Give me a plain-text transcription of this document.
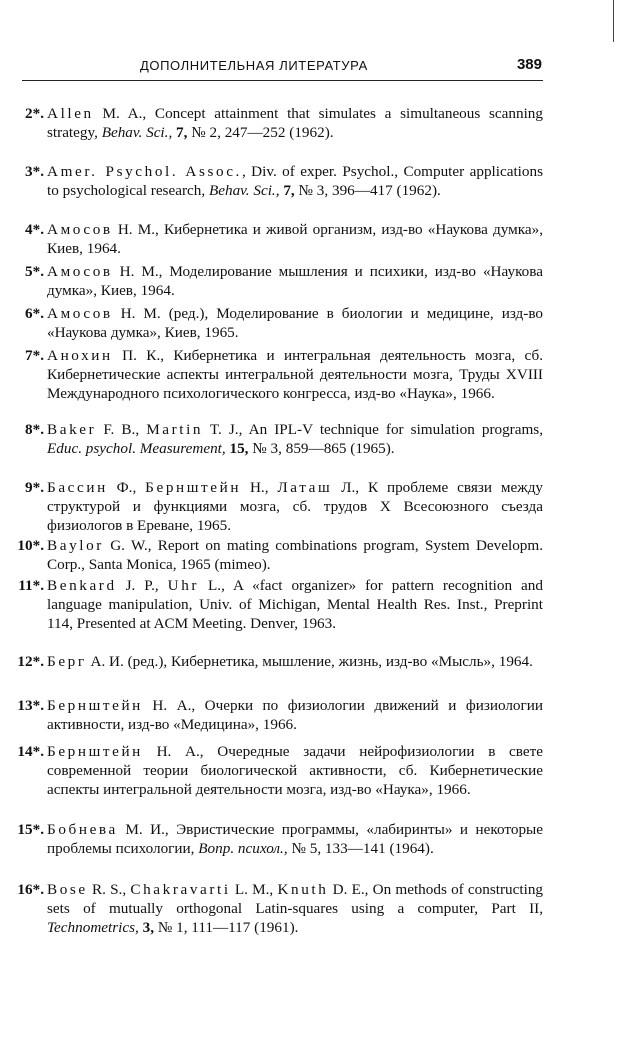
ДОПОЛНИТЕЛЬНАЯ ЛИТЕРАТУРА	389
2*. Allen M. A., Concept attainment that simulates a simultaneous scanning strategy, Behav. Sci., 7, № 2, 247—252 (1962).
3*. Amer. Psychol. Assoc., Div. of exper. Psychol., Computer applications to psychological research, Behav. Sci., 7, № 3, 396—417 (1962).
4*. Амосов Н. М., Кибернетика и живой организм, изд-во «Наукова думка», Киев, 1964.
5*. Амосов Н. М., Моделирование мышления и психики, изд-во «Наукова думка», Киев, 1964.
6*. Амосов Н. М. (ред.), Моделирование в биологии и медицине, изд-во «Наукова думка», Киев, 1965.
7*. Анохин П. К., Кибернетика и интегральная деятельность мозга, сб. Кибернетические аспекты интегральной деятельности мозга, Труды XVIII Международного психологического конгресса, изд-во «Наука», 1966.
8*. Baker F. B., Martin T. J., An IPL-V technique for simulation programs, Educ. psychol. Measurement, 15, № 3, 859—865 (1965).
9*. Бассин Ф., Бернштейн Н., Латаш Л., К проблеме связи между структурой и функциями мозга, сб. трудов X Всесоюзного съезда физиологов в Ереване, 1965.
10*. Baylor G. W., Report on mating combinations program, System Developm. Corp., Santa Monica, 1965 (mimeo).
11*. Benkard J. P., Uhr L., A «fact organizer» for pattern recognition and language manipulation, Univ. of Michigan, Mental Health Res. Inst., Preprint 114, Presented at ACM Meeting. Denver, 1963.
12*. Берг А. И. (ред.), Кибернетика, мышление, жизнь, изд-во «Мысль», 1964.
13*. Бернштейн Н. А., Очерки по физиологии движений и физиологии активности, изд-во «Медицина», 1966.
14*. Бернштейн Н. А., Очередные задачи нейрофизиологии в свете современной теории биологической активности, сб. Кибернетические аспекты интегральной деятельности мозга, изд-во «Наука», 1966.
15*. Бобнева М. И., Эвристические программы, «лабиринты» и некоторые проблемы психологии, Вопр. психол., № 5, 133—141 (1964).
16*. Bose R. S., Chakravarti L. M., Knuth D. E., On methods of constructing sets of mutually orthogonal Latin-squares using a computer, Part II, Technometrics, 3, № 1, 111—117 (1961).
